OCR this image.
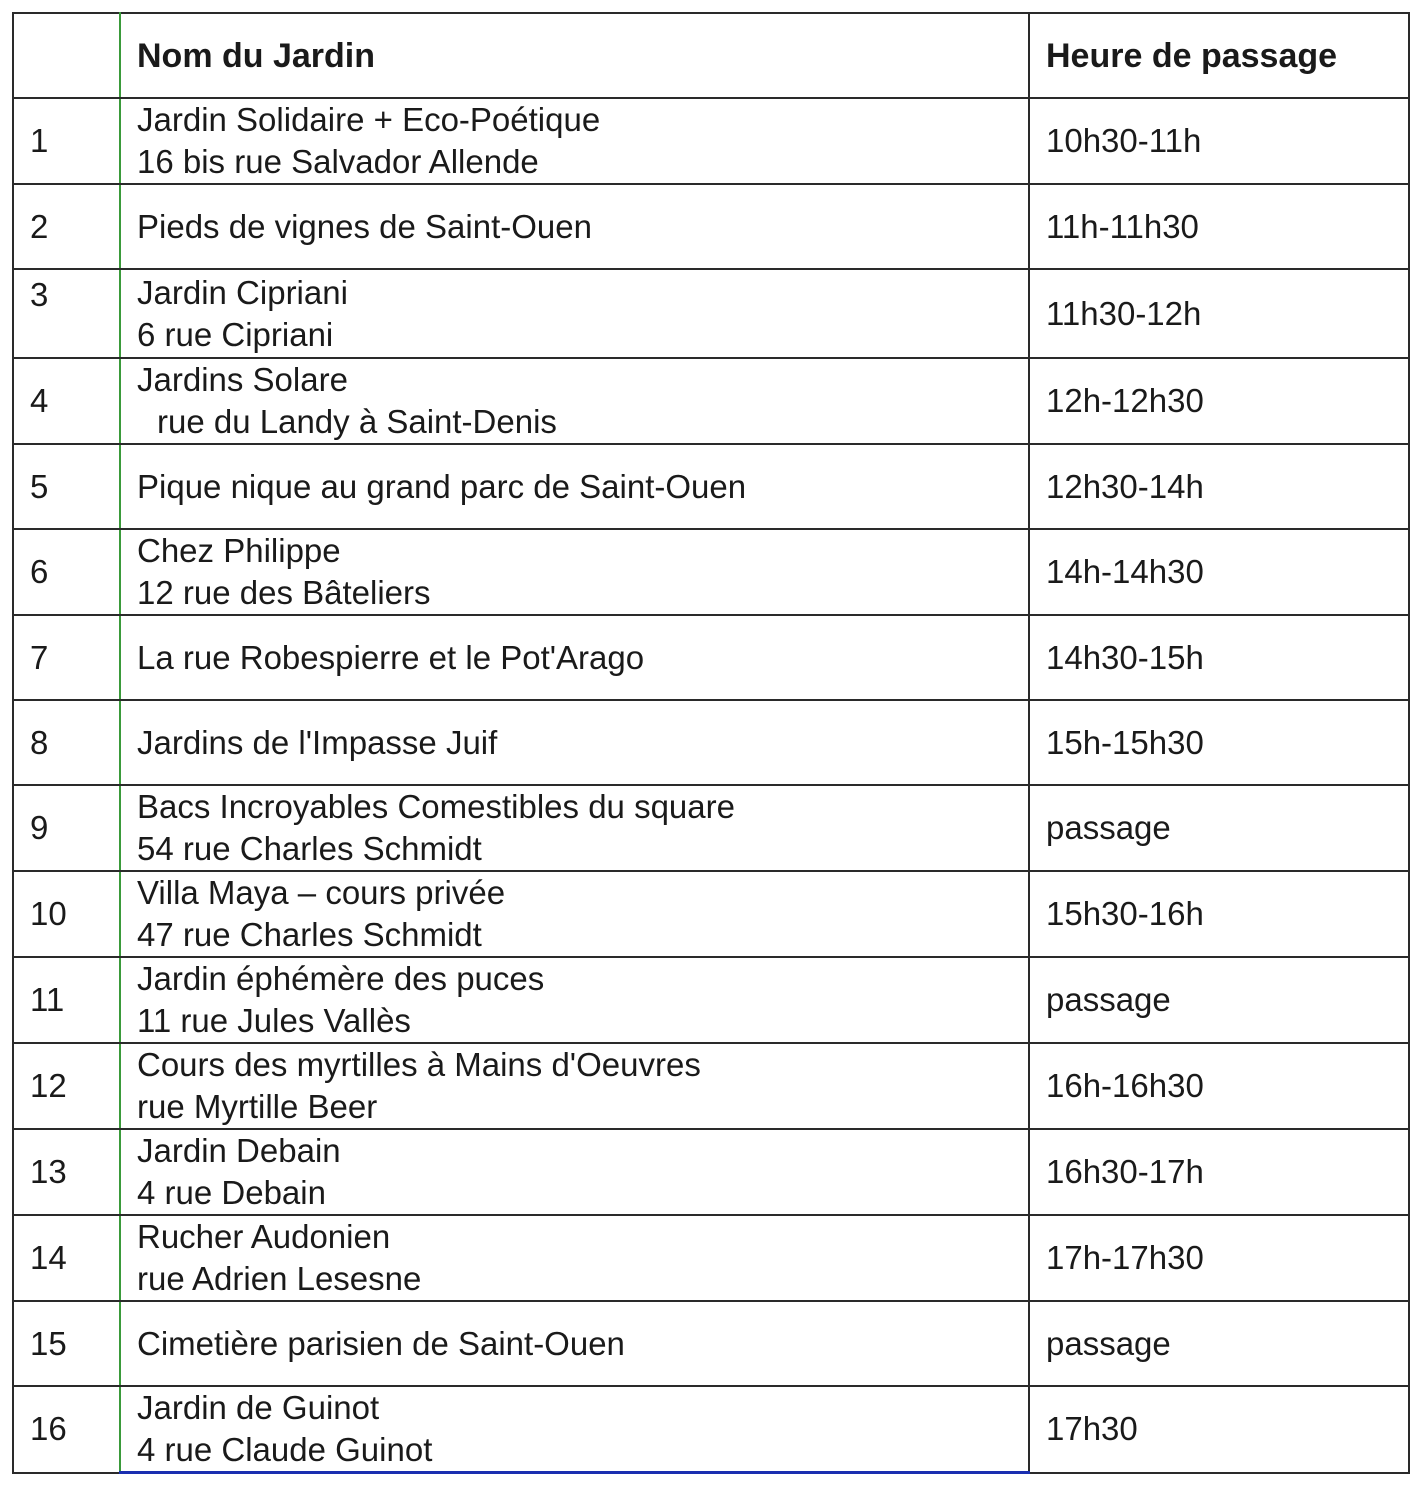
	Nom du Jardin	Heure de passage
1	Jardin Solidaire + Eco-Poétique
16 bis rue Salvador Allende	10h30-11h
2	Pieds de vignes de Saint-Ouen	11h-11h30
3	Jardin Cipriani
6 rue Cipriani	11h30-12h
4	Jardins Solare
rue du Landy à Saint-Denis	12h-12h30
5	Pique nique au grand parc de Saint-Ouen	12h30-14h
6	Chez Philippe
12 rue des Bâteliers	14h-14h30
7	La rue Robespierre et le Pot'Arago	14h30-15h
8	Jardins de l'Impasse Juif	15h-15h30
9	Bacs Incroyables Comestibles du square
54 rue Charles Schmidt	passage
10	Villa Maya – cours privée
47 rue Charles Schmidt	15h30-16h
11	Jardin éphémère des puces
11 rue Jules Vallès	passage
12	Cours des myrtilles à Mains d'Oeuvres
rue Myrtille Beer	16h-16h30
13	Jardin Debain
4 rue Debain	16h30-17h
14	Rucher Audonien
rue Adrien Lesesne	17h-17h30
15	Cimetière parisien de Saint-Ouen	passage
16	Jardin de Guinot
4 rue Claude Guinot	17h30
